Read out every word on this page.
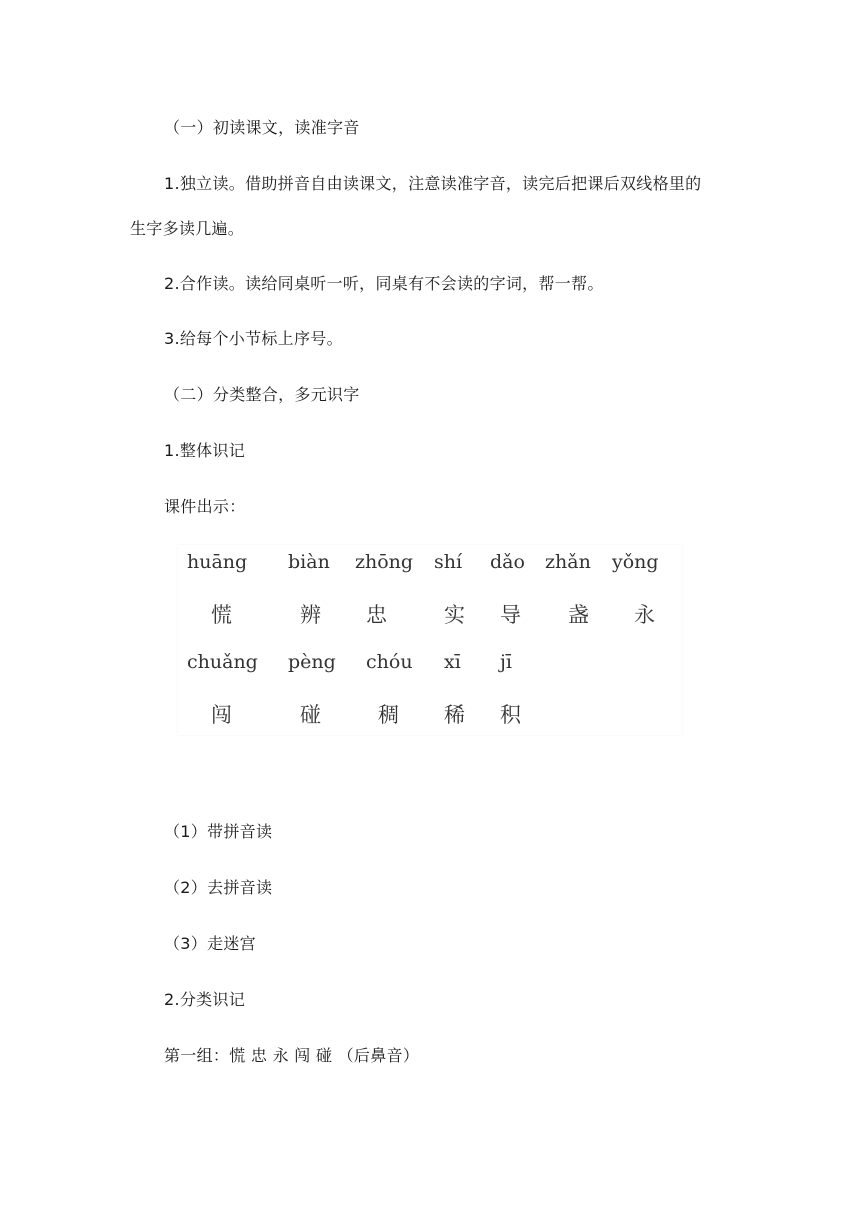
（一）初读课文，读准字音
1.独立读。借助拼音自由读课文，注意读准字音，读完后把课后双线格里的
生字多读几遍。
2.合作读。读给同桌听一听，同桌有不会读的字词，帮一帮。
3.给每个小节标上序号。
（二）分类整合，多元识字
1.整体识记
课件出示：
huāng biàn zhōng shí dǎo zhǎn yǒng
慌	辨 忠	实 导 盏 永
chuǎng pèng chóu xī jī
闯	碰	稠 稀 积
（1）带拼音读
（2）去拼音读
（3）走迷宫
2.分类识记
第一组：慌 忠 永 闯 碰 （后鼻音）
